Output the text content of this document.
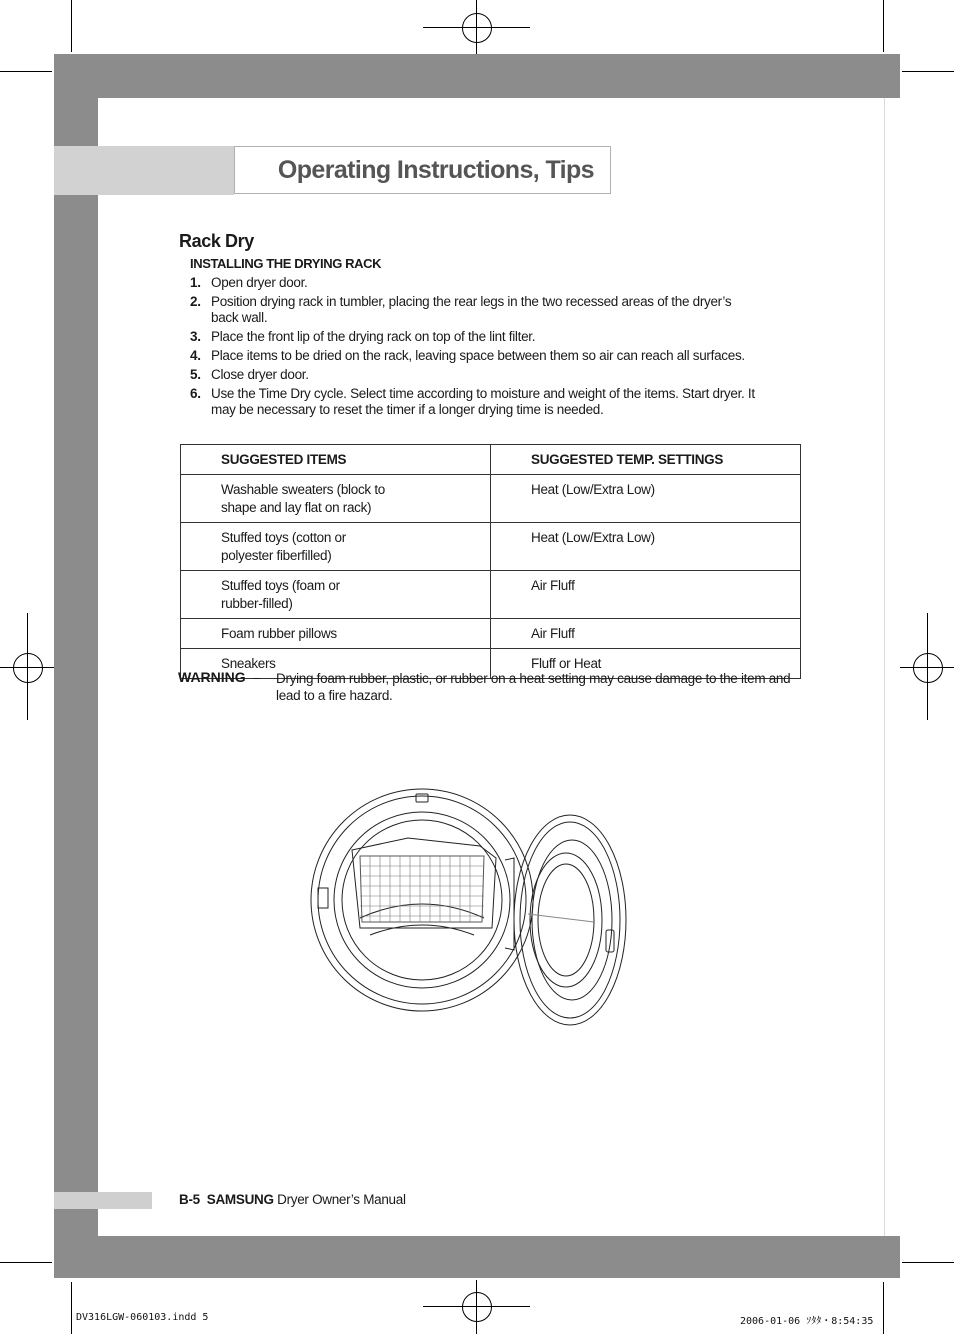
Operating Instructions, Tips
Rack Dry
INSTALLING THE DRYING RACK
1. Open dryer door.
2. Position drying rack in tumbler, placing the rear legs in the two recessed areas of the dryer’s back wall.
3. Place the front lip of the drying rack on top of the lint filter.
4. Place items to be dried on the rack, leaving space between them so air can reach all surfaces.
5. Close dryer door.
6. Use the Time Dry cycle. Select time according to moisture and weight of the items. Start dryer. It may be necessary to reset the timer if a longer drying time is needed.
SUGGESTED ITEMS	SUGGESTED TEMP. SETTINGS

Washable sweaters (block to shape and lay flat on rack)	Heat (Low/Extra Low)

Stuffed toys (cotton or polyester fiberfilled)	Heat (Low/Extra Low)

Stuffed toys (foam or rubber-filled)	Air Fluff
Foam rubber pillows	Air Fluff
Sneakers	Fluff or Heat
WARNING – Drying foam rubber, plastic, or rubber on a heat setting may cause damage to the item and lead to a fire hazard.
B-5 SAMSUNG Dryer Owner’s Manual
DV316LGW-060103.indd 5	2006-01-06 ｿﾀﾀ・8:54:35
